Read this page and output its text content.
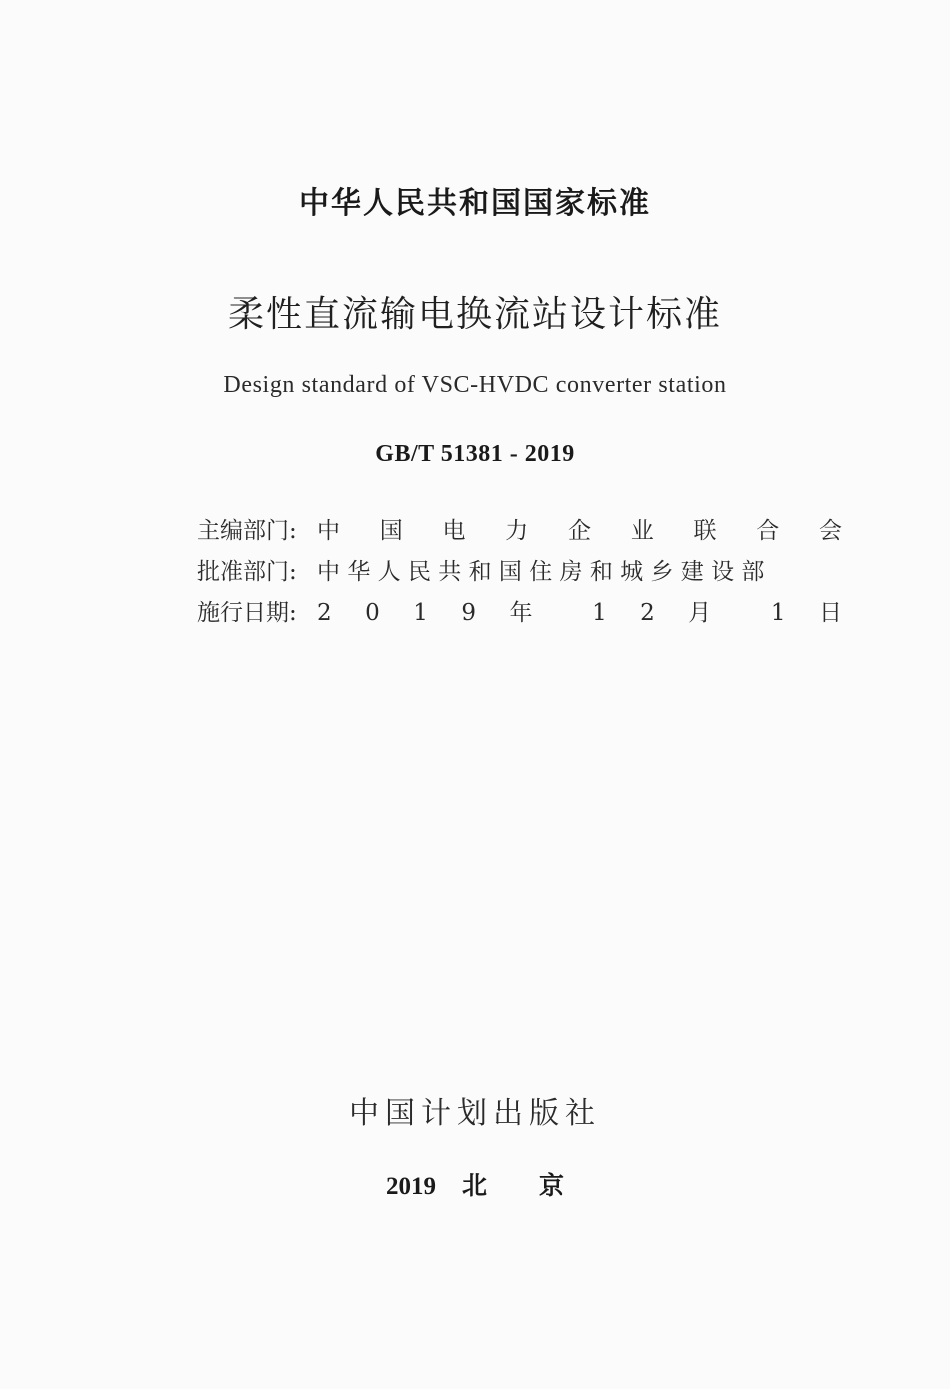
中华人民共和国国家标准
柔性直流输电换流站设计标准
Design standard of VSC-HVDC converter station
GB/T 51381 - 2019
主编部门: 中 国 电 力 企 业 联 合 会
批准部门: 中 华 人 民 共 和 国 住 房 和 城 乡 建 设 部
施行日期: 2 0 1 9 年 1 2 月 1 日
中国计划出版社
2019 北 京
